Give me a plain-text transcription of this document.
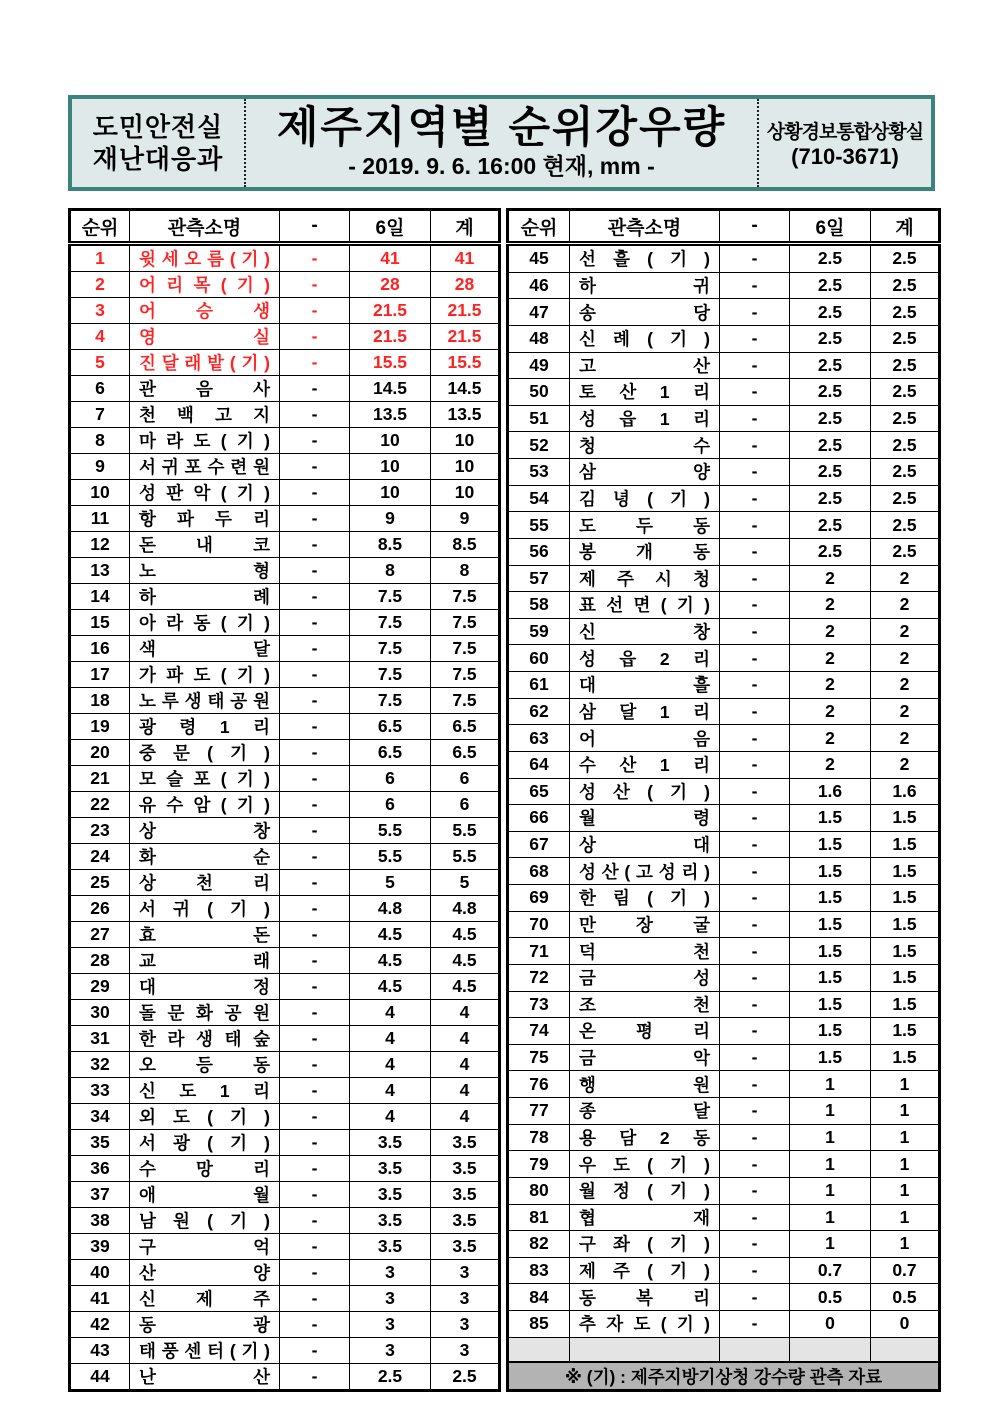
도민안전실
재난대응과
제주지역별 순위강우량
- 2019. 9. 6. 16:00 현재, mm -
상황경보통합상황실
(710-3671)
순위	관측소명	-	6일	계
1	윗 세 오 름 ( 기 )	-	41	41
2	어 리 목 ( 기 )	-	28	28
3	어 승 생	-	21.5	21.5
4	영 실	-	21.5	21.5
5	진 달 래 밭 ( 기 )	-	15.5	15.5
6	관 음 사	-	14.5	14.5
7	천 백 고 지	-	13.5	13.5
8	마 라 도 ( 기 )	-	10	10
9	서 귀 포 수 련 원	-	10	10
10	성 판 악 ( 기 )	-	10	10
11	항 파 두 리	-	9	9
12	돈 내 코	-	8.5	8.5
13	노 형	-	8	8
14	하 례	-	7.5	7.5
15	아 라 동 ( 기 )	-	7.5	7.5
16	색 달	-	7.5	7.5
17	가 파 도 ( 기 )	-	7.5	7.5
18	노 루 생 태 공 원	-	7.5	7.5
19	광 령 1 리	-	6.5	6.5
20	중 문 ( 기 )	-	6.5	6.5
21	모 슬 포 ( 기 )	-	6	6
22	유 수 암 ( 기 )	-	6	6
23	상 창	-	5.5	5.5
24	화 순	-	5.5	5.5
25	상 천 리	-	5	5
26	서 귀 ( 기 )	-	4.8	4.8
27	효 돈	-	4.5	4.5
28	교 래	-	4.5	4.5
29	대 정	-	4.5	4.5
30	돌 문 화 공 원	-	4	4
31	한 라 생 태 숲	-	4	4
32	오 등 동	-	4	4
33	신 도 1 리	-	4	4
34	외 도 ( 기 )	-	4	4
35	서 광 ( 기 )	-	3.5	3.5
36	수 망 리	-	3.5	3.5
37	애 월	-	3.5	3.5
38	남 원 ( 기 )	-	3.5	3.5
39	구 억	-	3.5	3.5
40	산 양	-	3	3
41	신 제 주	-	3	3
42	동 광	-	3	3
43	태 풍 센 터 ( 기 )	-	3	3
44	난 산	-	2.5	2.5
순위	관측소명	-	6일	계
45	선 흘 ( 기 )	-	2.5	2.5
46	하 귀	-	2.5	2.5
47	송 당	-	2.5	2.5
48	신 례 ( 기 )	-	2.5	2.5
49	고 산	-	2.5	2.5
50	토 산 1 리	-	2.5	2.5
51	성 읍 1 리	-	2.5	2.5
52	청 수	-	2.5	2.5
53	삼 양	-	2.5	2.5
54	김 녕 ( 기 )	-	2.5	2.5
55	도 두 동	-	2.5	2.5
56	봉 개 동	-	2.5	2.5
57	제 주 시 청	-	2	2
58	표 선 면 ( 기 )	-	2	2
59	신 창	-	2	2
60	성 읍 2 리	-	2	2
61	대 흘	-	2	2
62	삼 달 1 리	-	2	2
63	어 음	-	2	2
64	수 산 1 리	-	2	2
65	성 산 ( 기 )	-	1.6	1.6
66	월 령	-	1.5	1.5
67	상 대	-	1.5	1.5
68	성 산 ( 고 성 리 )	-	1.5	1.5
69	한 림 ( 기 )	-	1.5	1.5
70	만 장 굴	-	1.5	1.5
71	덕 천	-	1.5	1.5
72	금 성	-	1.5	1.5
73	조 천	-	1.5	1.5
74	온 평 리	-	1.5	1.5
75	금 악	-	1.5	1.5
76	행 원	-	1	1
77	종 달	-	1	1
78	용 담 2 동	-	1	1
79	우 도 ( 기 )	-	1	1
80	월 정 ( 기 )	-	1	1
81	협 재	-	1	1
82	구 좌 ( 기 )	-	1	1
83	제 주 ( 기 )	-	0.7	0.7
84	동 복 리	-	0.5	0.5
85	추 자 도 ( 기 )	-	0	0

※ (기) : 제주지방기상청 강수량 관측 자료				
